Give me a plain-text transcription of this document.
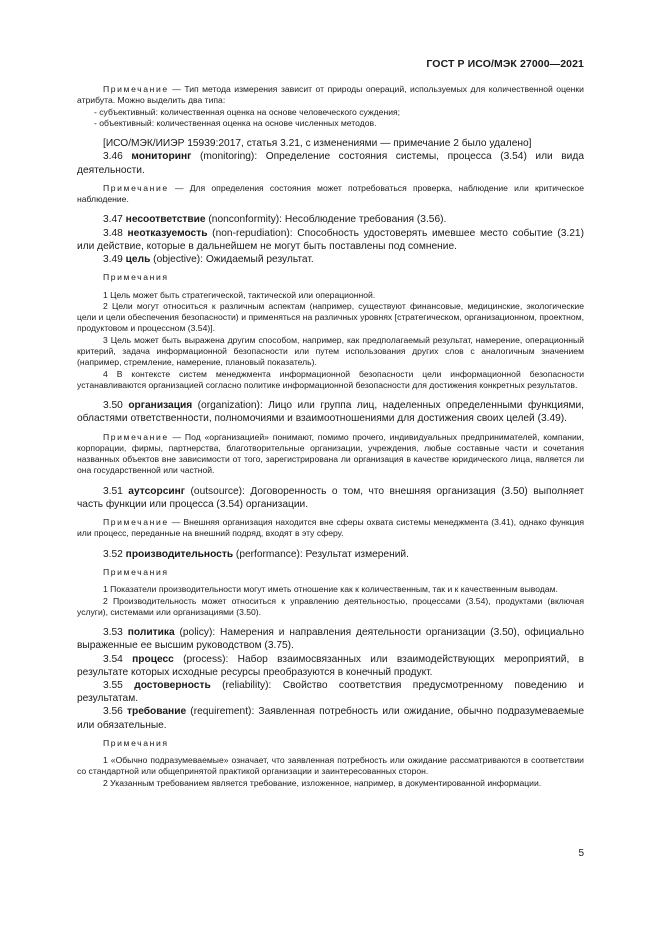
ГОСТ Р ИСО/МЭК 27000—2021

Примечание — Тип метода измерения зависит от природы операций, используемых для количественной оценки атрибута. Можно выделить два типа:

- субъективный: количественная оценка на основе человеческого суждения;

- объективный: количественная оценка на основе численных методов.

[ИСО/МЭК/ИИЭР 15939:2017, статья 3.21, с изменениями — примечание 2 было удалено]

3.46 мониторинг (monitoring): Определение состояния системы, процесса (3.54) или вида деятельности.

Примечание — Для определения состояния может потребоваться проверка, наблюдение или критическое наблюдение.

3.47 несоответствие (nonconformity): Несоблюдение требования (3.56).

3.48 неотказуемость (non-repudiation): Способность удостоверять имевшее место событие (3.21) или действие, которые в дальнейшем не могут быть поставлены под сомнение.

3.49 цель (objective): Ожидаемый результат.

Примечания

1 Цель может быть стратегической, тактической или операционной.

2 Цели могут относиться к различным аспектам (например, существуют финансовые, медицинские, экологические цели и цели обеспечения безопасности) и применяться на различных уровнях [стратегическом, организационном, проектном, продуктовом и процессном (3.54)].

3 Цель может быть выражена другим способом, например, как предполагаемый результат, намерение, операционный критерий, задача информационной безопасности или путем использования других слов с аналогичным значением (например, стремление, намерение, плановый показатель).

4 В контексте систем менеджмента информационной безопасности цели информационной безопасности устанавливаются организацией согласно политике информационной безопасности для достижения конкретных результатов.

3.50 организация (organization): Лицо или группа лиц, наделенных определенными функциями, областями ответственности, полномочиями и взаимоотношениями для достижения своих целей (3.49).

Примечание — Под «организацией» понимают, помимо прочего, индивидуальных предпринимателей, компании, корпорации, фирмы, партнерства, благотворительные организации, учреждения, любые составные части и сочетания названных объектов вне зависимости от того, зарегистрирована ли организация в качестве юридического лица, является ли она государственной или частной.

3.51 аутсорсинг (outsource): Договоренность о том, что внешняя организация (3.50) выполняет часть функции или процесса (3.54) организации.

Примечание — Внешняя организация находится вне сферы охвата системы менеджмента (3.41), однако функция или процесс, переданные на внешний подряд, входят в эту сферу.

3.52 производительность (performance): Результат измерений.

Примечания

1 Показатели производительности могут иметь отношение как к количественным, так и к качественным выводам.

2 Производительность может относиться к управлению деятельностью, процессами (3.54), продуктами (включая услуги), системами или организациями (3.50).

3.53 политика (policy): Намерения и направления деятельности организации (3.50), официально выраженные ее высшим руководством (3.75).

3.54 процесс (process): Набор взаимосвязанных или взаимодействующих мероприятий, в результате которых исходные ресурсы преобразуются в конечный продукт.

3.55 достоверность (reliability): Свойство соответствия предусмотренному поведению и результатам.

3.56 требование (requirement): Заявленная потребность или ожидание, обычно подразумеваемые или обязательные.

Примечания

1 «Обычно подразумеваемые» означает, что заявленная потребность или ожидание рассматриваются в соответствии со стандартной или общепринятой практикой организации и заинтересованных сторон.

2 Указанным требованием является требование, изложенное, например, в документированной информации.

5
